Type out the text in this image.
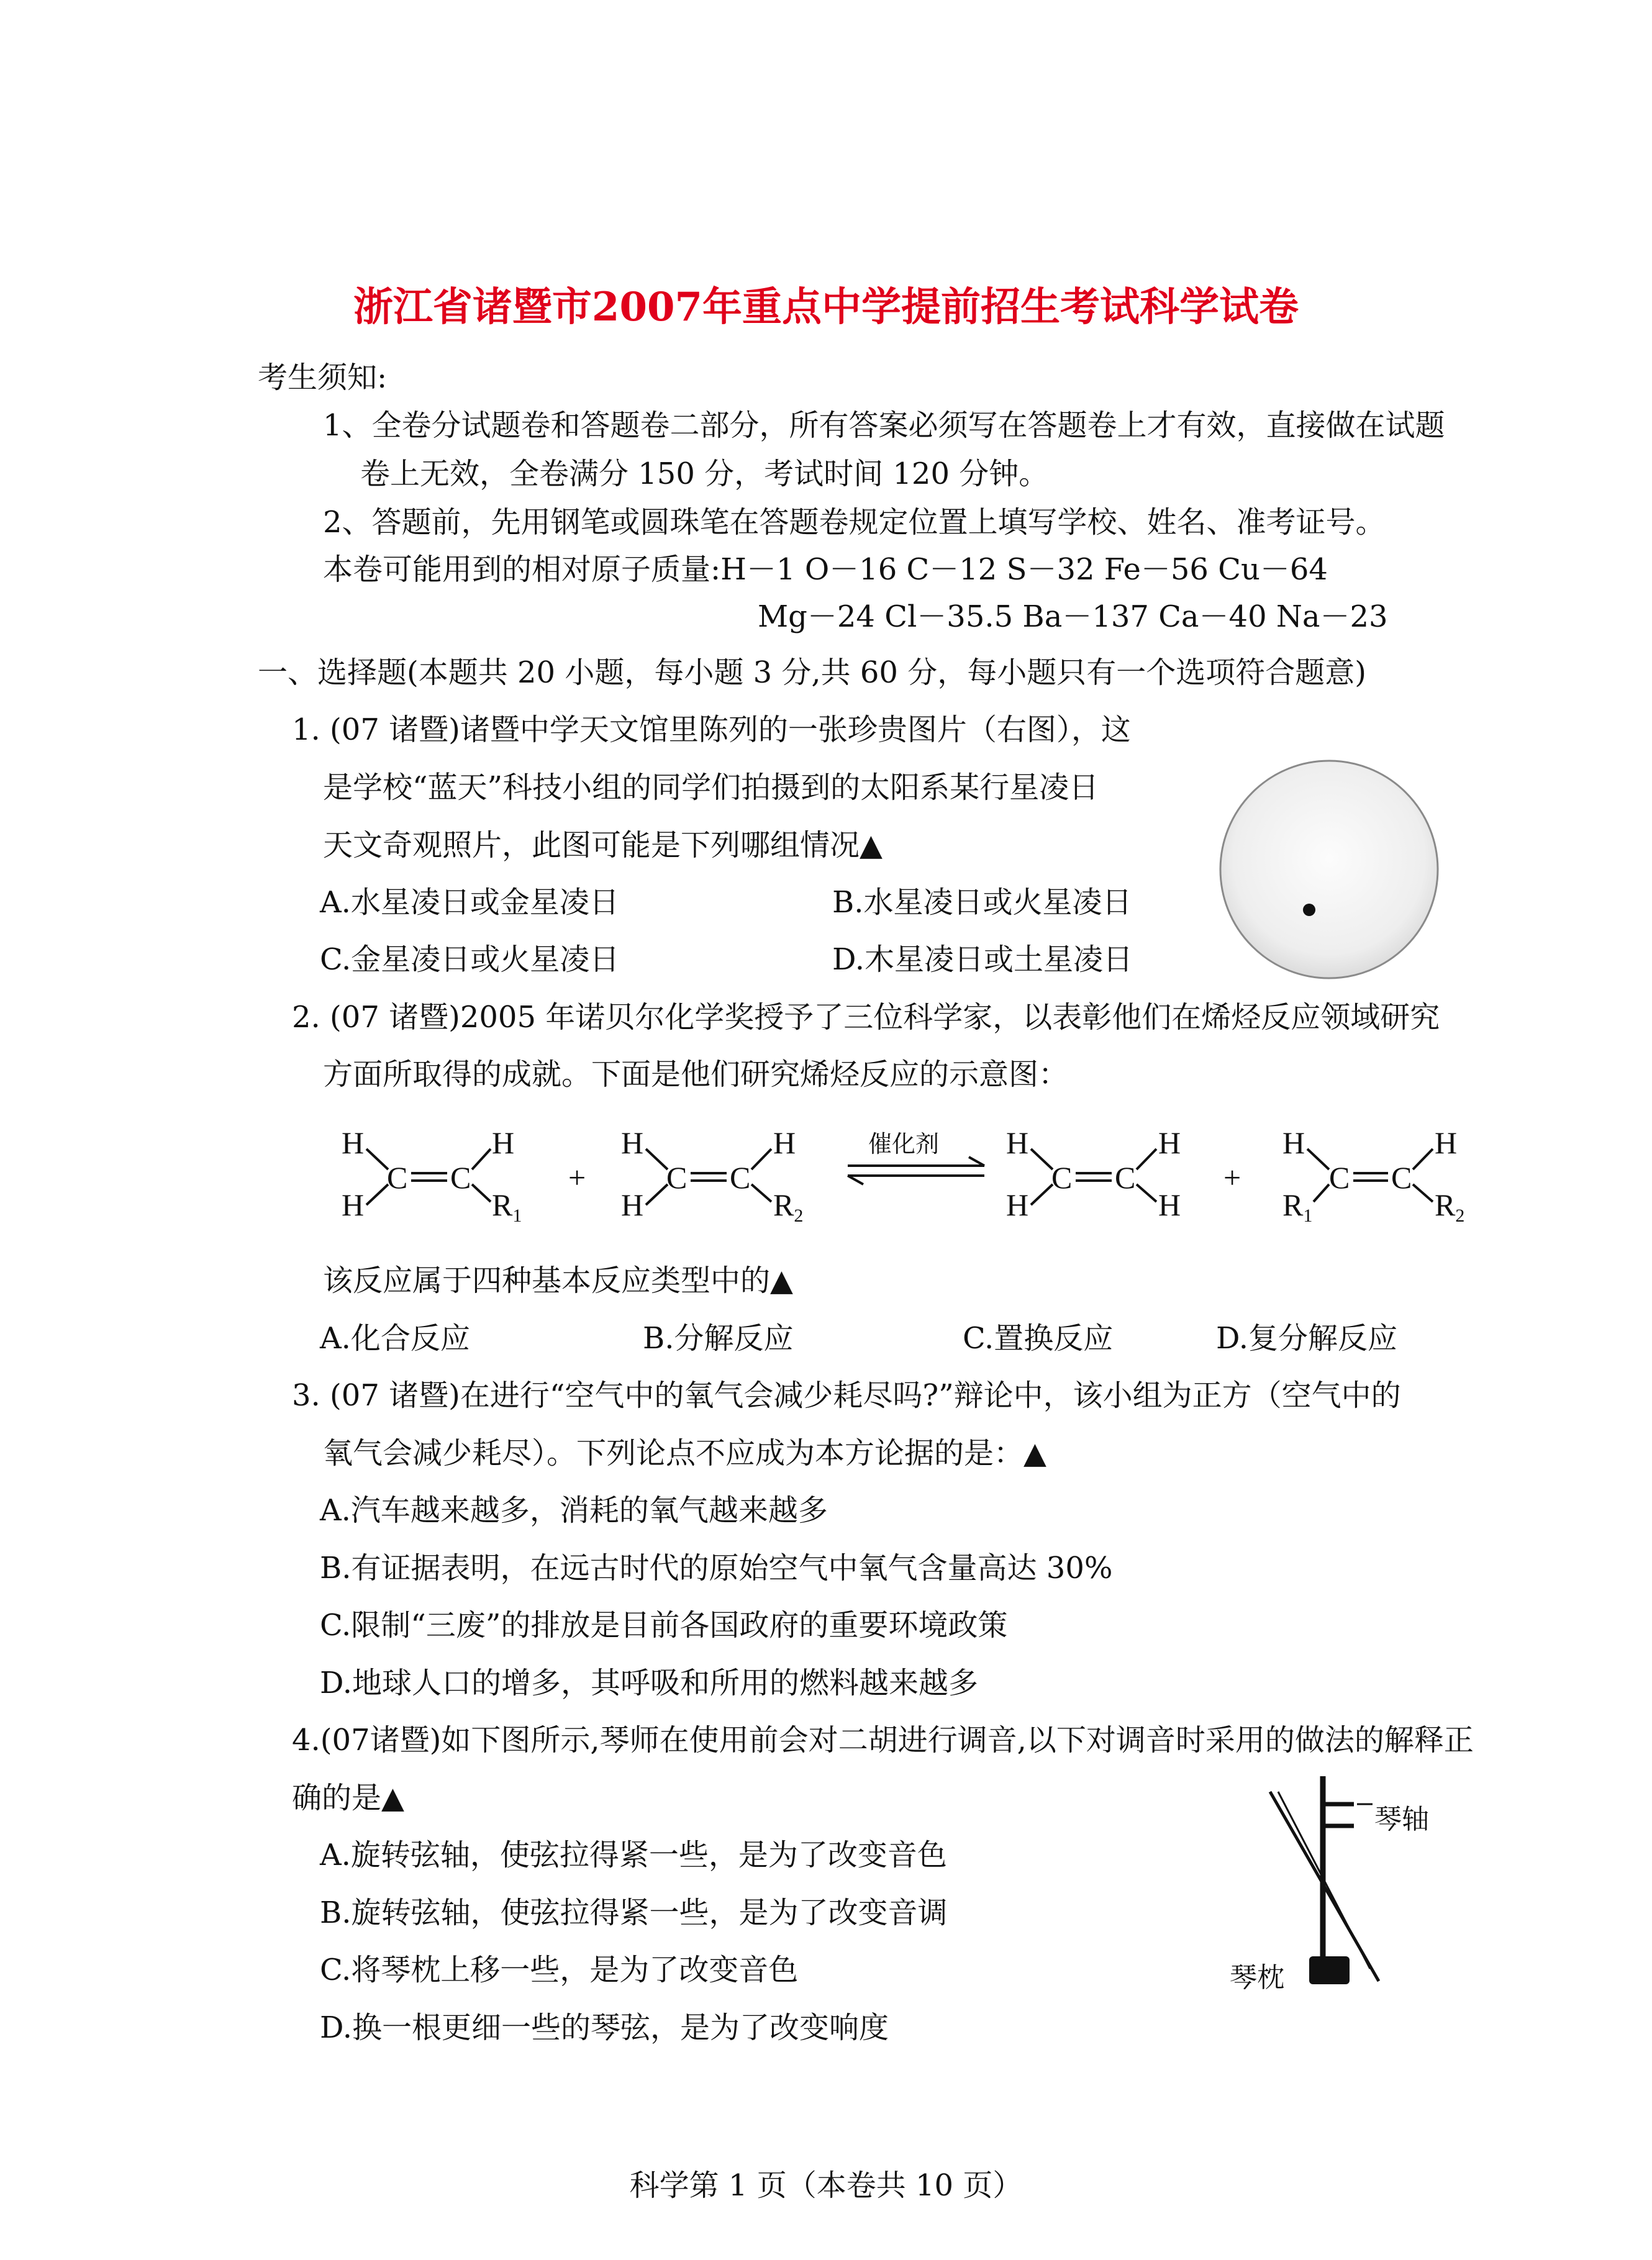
浙江省诸暨市2007年重点中学提前招生考试科学试卷
考生须知:
1、全卷分试题卷和答题卷二部分，所有答案必须写在答题卷上才有效，直接做在试题
卷上无效，全卷满分 150 分，考试时间 120 分钟。
2、答题前，先用钢笔或圆珠笔在答题卷规定位置上填写学校、姓名、准考证号。
本卷可能用到的相对原子质量:H－1 O－16 C－12 S－32 Fe－56 Cu－64
Mg－24 Cl－35.5 Ba－137 Ca－40 Na－23
一、选择题(本题共 20 小题，每小题 3 分,共 60 分，每小题只有一个选项符合题意)
1. (07 诸暨)诸暨中学天文馆里陈列的一张珍贵图片（右图），这
是学校“蓝天”科技小组的同学们拍摄到的太阳系某行星凌日
天文奇观照片，此图可能是下列哪组情况▲
A.水星凌日或金星凌日	B.水星凌日或火星凌日
C.金星凌日或火星凌日	D.木星凌日或土星凌日
2. (07 诸暨)2005 年诺贝尔化学奖授予了三位科学家，以表彰他们在烯烃反应领域研究
方面所取得的成就。下面是他们研究烯烃反应的示意图：
H
H
C C
H
$R_1$
+
H
H
C C
H
$R_2$
催化剂 H
H
C C
H
H
+
H
$R_1$
C C
H
$R_2$
该反应属于四种基本反应类型中的▲
A.化合反应	B.分解反应	C.置换反应	D.复分解反应
3. (07 诸暨)在进行“空气中的氧气会减少耗尽吗?”辩论中，该小组为正方（空气中的
氧气会减少耗尽）。下列论点不应成为本方论据的是：▲
A.汽车越来越多，消耗的氧气越来越多
B.有证据表明，在远古时代的原始空气中氧气含量高达 30%
C.限制“三废”的排放是目前各国政府的重要环境政策
D.地球人口的增多，其呼吸和所用的燃料越来越多
4.(07诸暨)如下图所示,琴师在使用前会对二胡进行调音,以下对调音时采用的做法的解释正
确的是▲
A.旋转弦轴，使弦拉得紧一些，是为了改变音色
B.旋转弦轴，使弦拉得紧一些，是为了改变音调
C.将琴枕上移一些，是为了改变音色
D.换一根更细一些的琴弦，是为了改变响度
琴轴
琴枕
科学第 1 页（本卷共 10 页）
